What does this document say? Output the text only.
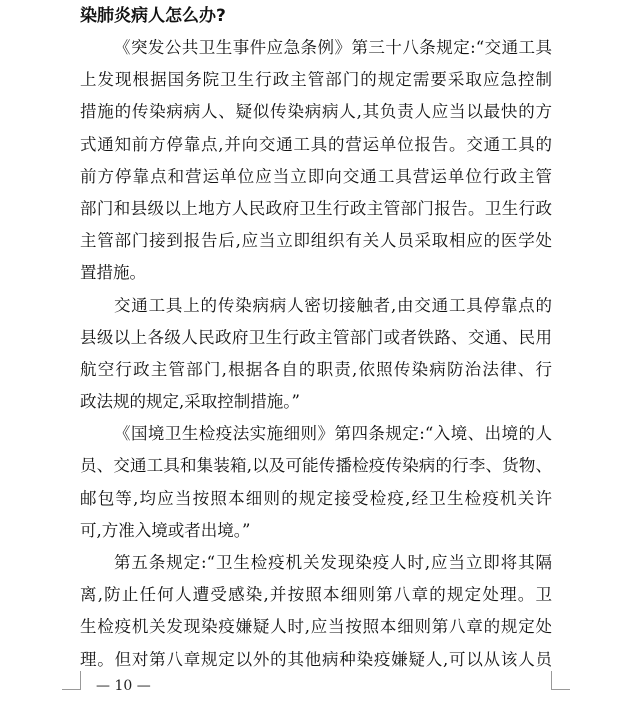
染肺炎病人怎么办?
《突发公共卫生事件应急条例》第三十八条规定:“交通工具
上发现根据国务院卫生行政主管部门的规定需要采取应急控制
措施的传染病病人、疑似传染病病人,其负责人应当以最快的方
式通知前方停靠点,并向交通工具的营运单位报告。交通工具的
前方停靠点和营运单位应当立即向交通工具营运单位行政主管
部门和县级以上地方人民政府卫生行政主管部门报告。卫生行政
主管部门接到报告后,应当立即组织有关人员采取相应的医学处
置措施。
交通工具上的传染病病人密切接触者,由交通工具停靠点的
县级以上各级人民政府卫生行政主管部门或者铁路、交通、民用
航空行政主管部门,根据各自的职责,依照传染病防治法律、行
政法规的规定,采取控制措施。”
《国境卫生检疫法实施细则》第四条规定:“入境、出境的人
员、交通工具和集装箱,以及可能传播检疫传染病的行李、货物、
邮包等,均应当按照本细则的规定接受检疫,经卫生检疫机关许
可,方准入境或者出境。”
第五条规定:“卫生检疫机关发现染疫人时,应当立即将其隔
离,防止任何人遭受感染,并按照本细则第八章的规定处理。卫
生检疫机关发现染疫嫌疑人时,应当按照本细则第八章的规定处
理。但对第八章规定以外的其他病种染疫嫌疑人,可以从该人员
— 10 —
